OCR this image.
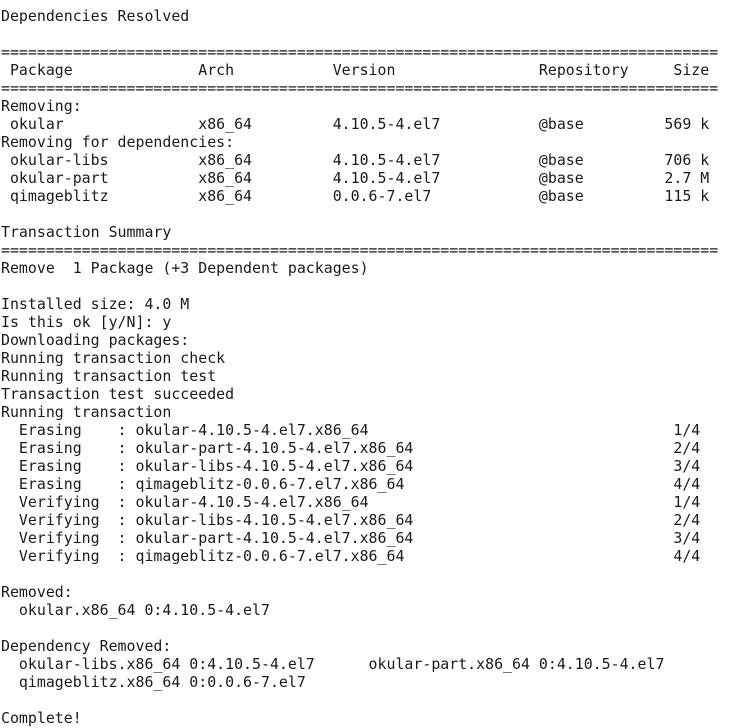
Dependencies Resolved
================================================================================
Package              Arch           Version                Repository     Size
================================================================================
Removing:
okular               x86_64         4.10.5-4.el7           @base         569 k
Removing for dependencies:
okular-libs          x86_64         4.10.5-4.el7           @base         706 k
okular-part          x86_64         4.10.5-4.el7           @base         2.7 M
qimageblitz          x86_64         0.0.6-7.el7            @base         115 k
Transaction Summary
================================================================================
Remove  1 Package (+3 Dependent packages)
Installed size: 4.0 M
Is this ok [y/N]: y
Downloading packages:
Running transaction check
Running transaction test
Transaction test succeeded
Running transaction
Erasing    : okular-4.10.5-4.el7.x86_64                                  1/4
Erasing    : okular-part-4.10.5-4.el7.x86_64                             2/4
Erasing    : okular-libs-4.10.5-4.el7.x86_64                             3/4
Erasing    : qimageblitz-0.0.6-7.el7.x86_64                              4/4
Verifying  : okular-4.10.5-4.el7.x86_64                                  1/4
Verifying  : okular-libs-4.10.5-4.el7.x86_64                             2/4
Verifying  : okular-part-4.10.5-4.el7.x86_64                             3/4
Verifying  : qimageblitz-0.0.6-7.el7.x86_64                              4/4
Removed:
okular.x86_64 0:4.10.5-4.el7
Dependency Removed:
okular-libs.x86_64 0:4.10.5-4.el7      okular-part.x86_64 0:4.10.5-4.el7
qimageblitz.x86_64 0:0.0.6-7.el7
Complete!
